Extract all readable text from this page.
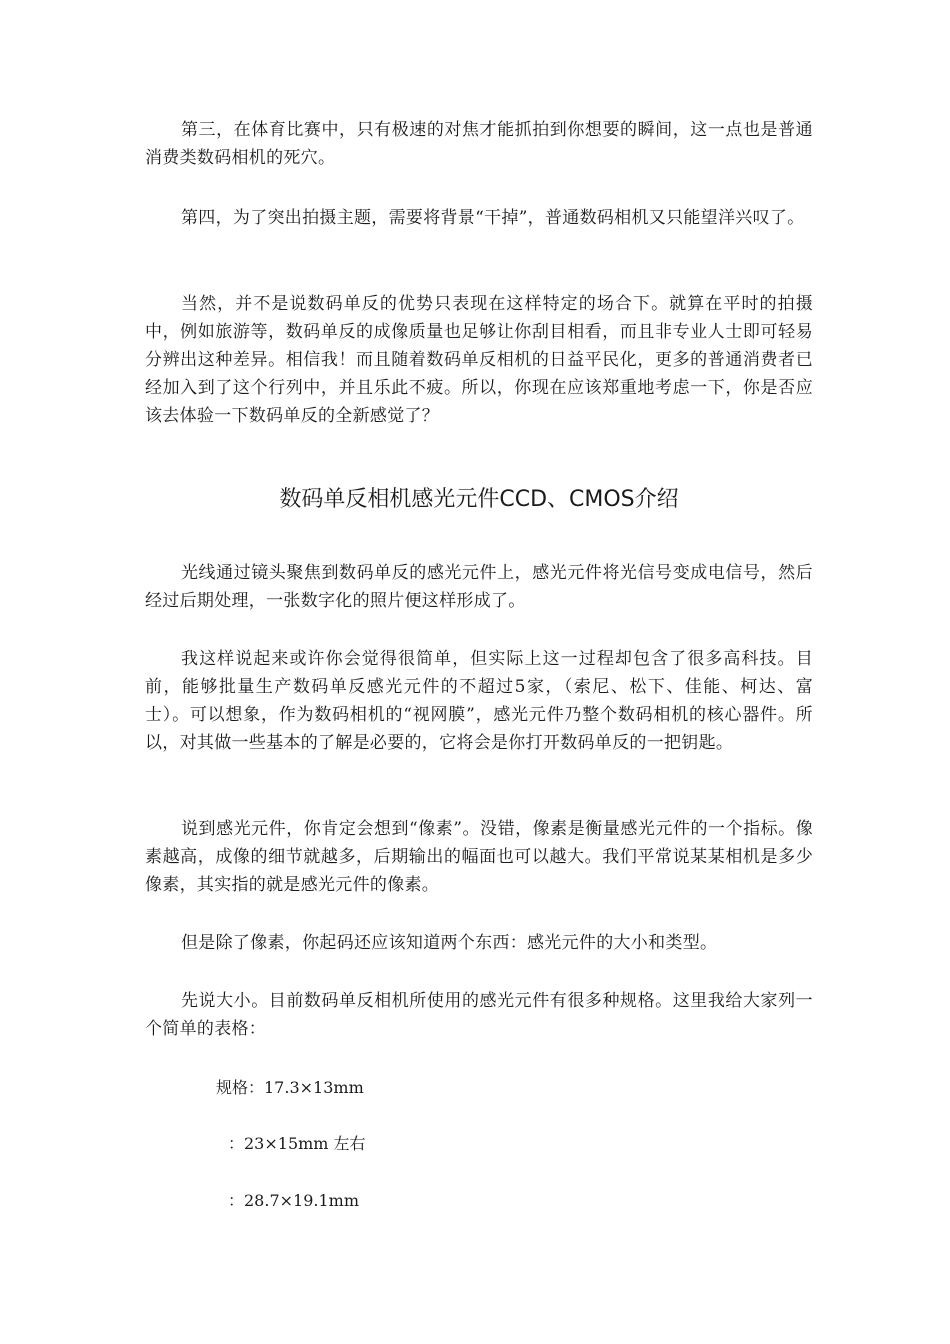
第三，在体育比赛中，只有极速的对焦才能抓拍到你想要的瞬间，这一点也是普通消费类数码相机的死穴。

第四，为了突出拍摄主题，需要将背景“干掉”，普通数码相机又只能望洋兴叹了。

当然，并不是说数码单反的优势只表现在这样特定的场合下。就算在平时的拍摄中，例如旅游等，数码单反的成像质量也足够让你刮目相看，而且非专业人士即可轻易分辨出这种差异。相信我！而且随着数码单反相机的日益平民化，更多的普通消费者已经加入到了这个行列中，并且乐此不疲。所以，你现在应该郑重地考虑一下，你是否应该去体验一下数码单反的全新感觉了？

数码单反相机感光元件CCD、CMOS介绍

光线通过镜头聚焦到数码单反的感光元件上，感光元件将光信号变成电信号，然后经过后期处理，一张数字化的照片便这样形成了。

我这样说起来或许你会觉得很简单，但实际上这一过程却包含了很多高科技。目前，能够批量生产数码单反感光元件的不超过5家，（索尼、松下、佳能、柯达、富士）。可以想象，作为数码相机的“视网膜”，感光元件乃整个数码相机的核心器件。所以，对其做一些基本的了解是必要的，它将会是你打开数码单反的一把钥匙。

说到感光元件，你肯定会想到“像素”。没错，像素是衡量感光元件的一个指标。像素越高，成像的细节就越多，后期输出的幅面也可以越大。我们平常说某某相机是多少像素，其实指的就是感光元件的像素。

但是除了像素，你起码还应该知道两个东西：感光元件的大小和类型。

先说大小。目前数码单反相机所使用的感光元件有很多种规格。这里我给大家列一个简单的表格：

规格：17.3×13mm

：23×15mm 左右

：28.7×19.1mm
